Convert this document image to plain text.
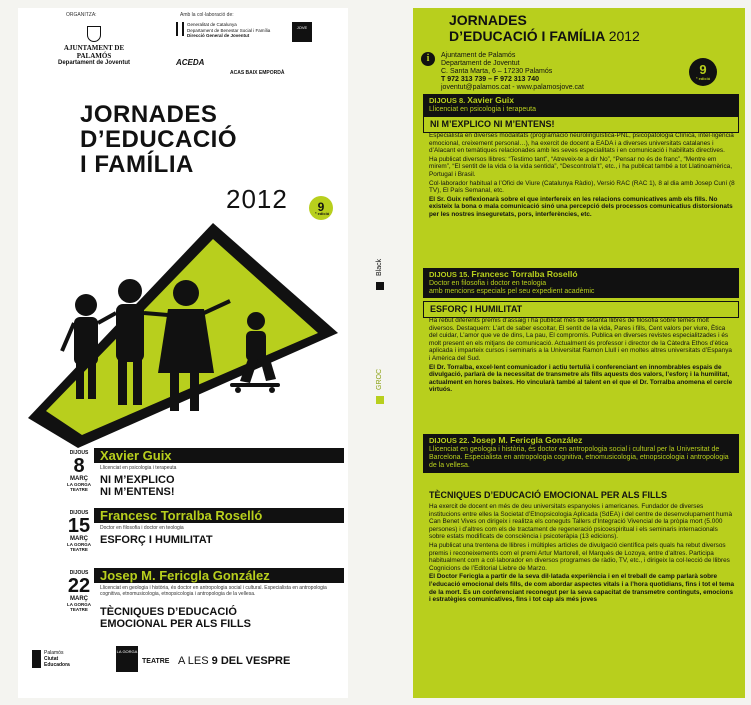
ORGANITZA:	Amb la col·laboració de:
AJUNTAMENT DE PALAMÓS
Departament de Joventut
Generalitat de Catalunya
Departament de Benestar Social i Família
Direcció General de Joventut
JOVE
ACEDA
ACAS BAIX EMPORDÀ
JORNADES
D’EDUCACIÓ
I FAMÍLIA
2012	9
ª edició
DIJOUS
8
MARÇ
LA GORGA TEATRE
Xavier Guix
Llicenciat en psicologia i terapeuta
NI M’EXPLICO
NI M’ENTENS!
DIJOUS
15
MARÇ
LA GORGA TEATRE
Francesc Torralba Roselló
Doctor en filosofia i doctor en teologia
ESFORÇ I HUMILITAT
DIJOUS
22
MARÇ
LA GORGA TEATRE
Josep M. Fericgla González
Llicenciat en geologia i història, és doctor en antropologia social i cultural. Especialista en antropologia cognitiva, etnomusicologia, etnopsicologia i antropologia de la vellesa.
TÈCNIQUES D’EDUCACIÓ
EMOCIONAL PER ALS FILLS
Palamós
Ciutat
Educadora
LA GORGA
TEATRE A LES 9 DEL VESPRE
Black
GROC
JORNADES
D’EDUCACIÓ I FAMÍLIA 2012
i	Ajuntament de Palamós
Departament de Joventut
C. Santa Marta, 6 – 17230 Palamós
T 972 313 739 – F 972 313 740
joventut@palamos.cat - www.palamosjove.cat
9
ª edició
DIJOUS 8. Xavier Guix
Llicenciat en psicologia i terapeuta
NI M’EXPLICO NI M’ENTENS!

Especialista en diverses modalitats (programació neurolingüística-PNL, psicopatologia Clínica, intel·ligència emocional, creixement personal…), ha exercit de docent a EADA i a diverses universitats catalanes i d’Alacant en temàtiques relacionades amb les seves especialitats i en comunicació i habilitats directives.

Ha publicat diversos llibres: “Testimo tant”, “Atreveix-te a dir No”, “Pensar no és de franc”, “Mentre em mirem”, “El sentit de la vida o la vida sentida”, “Descontrola’t”, etc., i ha publicat també a tot Llatinoamèrica, Portugal i Brasil.

Col·laborador habitual a l’Ofici de Viure (Catalunya Ràdio), Versió RAC (RAC 1), 8 al dia amb Josep Cuní (8 TV), El País Semanal, etc.

El Sr. Guix reflexionarà sobre el que interfereix en les relacions comunicatives amb els fills. No existeix la bona o mala comunicació sinó una percepció dels processos comunicatius distorsionats per les nostres inseguretats, pors, interferències, etc.

DIJOUS 15. Francesc Torralba Roselló
Doctor en filosofia i doctor en teologia
amb mencions especials pel seu expedient acadèmic
ESFORÇ I HUMILITAT

Ha rebut diferents premis d’assaig i ha publicat més de setanta llibres de filosofia sobre temes molt diversos. Destaquem: L’art de saber escoltar, El sentit de la vida, Pares i fills, Cent valors per viure, Ètica del cuidar, L’amor que ve de dins, La pau, El compromís. Publica en diverses revistes especialitzades i és molt present en els mitjans de comunicació. Actualment és professor i director de la Càtedra Ethos d’ètica aplicada i imparteix cursos i seminaris a la Universitat Ramon Llull i en moltes altres universitats d’Espanya i Amèrica del Sud.

El Dr. Torralba, excel·lent comunicador i actiu tertulià i conferenciant en innombrables espais de divulgació, parlarà de la necessitat de transmetre als fills aquests dos valors, l’esforç i la humilitat, actualment en hores baixes. Ho vincularà també al talent en el que el Dr. Torralba anomena el cercle virtuós.

DIJOUS 22. Josep M. Fericgla González
Llicenciat en geologia i història, és doctor en antropologia social i cultural per la Universitat de Barcelona. Especialista en antropologia cognitiva, etnomusicologia, etnopsicologia i antropologia de la vellesa.
TÈCNIQUES D’EDUCACIÓ EMOCIONAL PER ALS FILLS

Ha exercit de docent en més de deu universitats espanyoles i americanes. Fundador de diverses institucions entre elles la Societat d’Etnopsicologia Aplicada (SdEA) i del centre de desenvolupament humà Can Benet Vives on dirigeix i realitza els coneguts Tallers d’Integració Vivencial de la pròpia mort (5.000 persones) i d’altres com els de tractament de regeneració psicoespiritual i els seminaris internacionals sobre estats modificats de consciència i psicoteràpia (13 edicions).

Ha publicat una trentena de llibres i múltiples articles de divulgació científica pels quals ha rebut diversos premis i reconeixements com el premi Artur Martorell, el Marquès de Lozoya, entre d’altres. Participa habitualment com a col·laborador en diversos programes de ràdio, TV, etc., i dirigeix la col·lecció de llibres Cognicions de l’Editorial Liebre de Marzo.

El Doctor Fericgla a partir de la seva dil·latada experiència i en el treball de camp parlarà sobre l’educació emocional dels fills, de com abordar aspectes vitals i a l’hora quotidians, fins i tot el tema de la mort. Es un conferenciant reconegut per la seva capacitat de transmetre continguts, emocions i estratègies comunicatives, fins i tot cap als més joves
